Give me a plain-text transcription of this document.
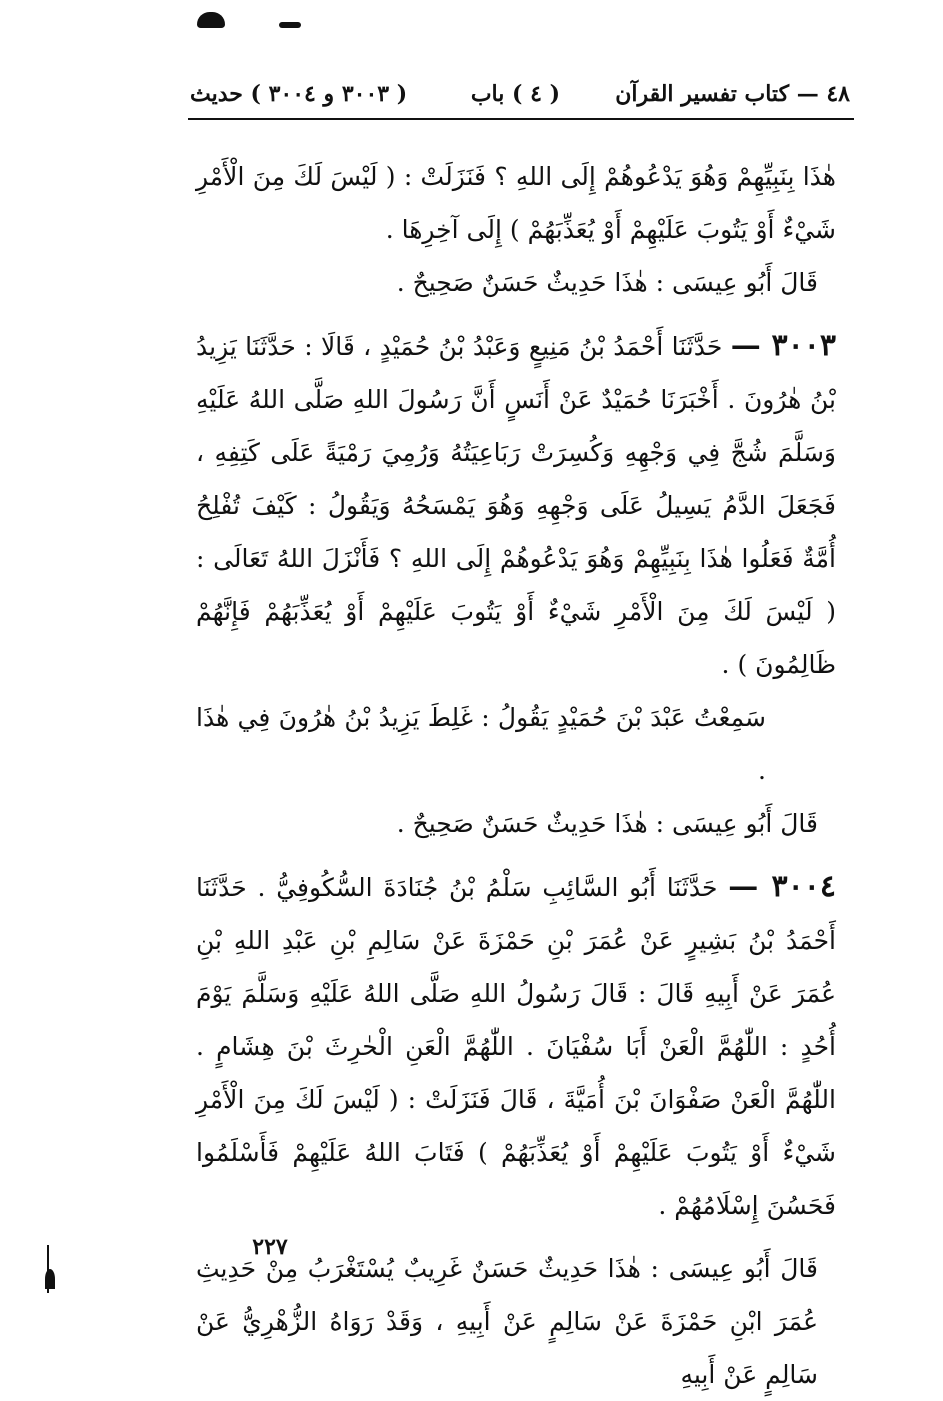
٤٨ — كتاب تفسير القرآن
( ٤ ) باب
( ٣٠٠٣ و ٣٠٠٤ ) حديث

هٰذَا بِنَبِيِّهِمْ وَهُوَ يَدْعُوهُمْ إِلَى اللهِ ؟ فَنَزَلَتْ : ( لَيْسَ لَكَ مِنَ الْأَمْرِ شَيْءٌ أَوْ يَتُوبَ عَلَيْهِمْ أَوْ يُعَذِّبَهُمْ ) إِلَى آخِرِهَا .

قَالَ أَبُو عِيسَى : هٰذَا حَدِيثٌ حَسَنٌ صَحِيحٌ .

٣٠٠٣ — حَدَّثَنَا أَحْمَدُ بْنُ مَنِيعٍ وَعَبْدُ بْنُ حُمَيْدٍ ، قَالَا : حَدَّثَنَا يَزِيدُ بْنُ هٰرُونَ . أَخْبَرَنَا حُمَيْدٌ عَنْ أَنَسٍ أَنَّ رَسُولَ اللهِ صَلَّى اللهُ عَلَيْهِ وَسَلَّمَ شُجَّ فِي وَجْهِهِ وَكُسِرَتْ رَبَاعِيَتُهُ وَرُمِيَ رَمْيَةً عَلَى كَتِفِهِ ، فَجَعَلَ الدَّمُ يَسِيلُ عَلَى وَجْهِهِ وَهُوَ يَمْسَحُهُ وَيَقُولُ : كَيْفَ تُفْلِحُ أُمَّةٌ فَعَلُوا هٰذَا بِنَبِيِّهِمْ وَهُوَ يَدْعُوهُمْ إِلَى اللهِ ؟ فَأَنْزَلَ اللهُ تَعَالَى : ( لَيْسَ لَكَ مِنَ الْأَمْرِ شَيْءٌ أَوْ يَتُوبَ عَلَيْهِمْ أَوْ يُعَذِّبَهُمْ فَإِنَّهُمْ ظَالِمُونَ ) .

سَمِعْتُ عَبْدَ بْنَ حُمَيْدٍ يَقُولُ : غَلِطَ يَزِيدُ بْنُ هٰرُونَ فِي هٰذَا .

قَالَ أَبُو عِيسَى : هٰذَا حَدِيثٌ حَسَنٌ صَحِيحٌ .

٣٠٠٤ — حَدَّثَنَا أَبُو السَّائِبِ سَلْمُ بْنُ جُنَادَةَ السُّكُوفِيُّ . حَدَّثَنَا أَحْمَدُ بْنُ بَشِيرٍ عَنْ عُمَرَ بْنِ حَمْزَةَ عَنْ سَالِمِ بْنِ عَبْدِ اللهِ بْنِ عُمَرَ عَنْ أَبِيهِ قَالَ : قَالَ رَسُولُ اللهِ صَلَّى اللهُ عَلَيْهِ وَسَلَّمَ يَوْمَ أُحُدٍ : اللّٰهُمَّ الْعَنْ أَبَا سُفْيَانَ . اللّٰهُمَّ الْعَنِ الْحٰرِثَ بْنَ هِشَامٍ . اللّٰهُمَّ الْعَنْ صَفْوَانَ بْنَ أُمَيَّةَ ، قَالَ فَنَزَلَتْ : ( لَيْسَ لَكَ مِنَ الْأَمْرِ شَيْءٌ أَوْ يَتُوبَ عَلَيْهِمْ أَوْ يُعَذِّبَهُمْ ) فَتَابَ اللهُ عَلَيْهِمْ فَأَسْلَمُوا فَحَسُنَ إِسْلَامُهُمْ .

قَالَ أَبُو عِيسَى : هٰذَا حَدِيثٌ حَسَنٌ غَرِيبٌ يُسْتَغْرَبُ مِنْ حَدِيثِ عُمَرَ ابْنِ حَمْزَةَ عَنْ سَالِمٍ عَنْ أَبِيهِ ، وَقَدْ رَوَاهُ الزُّهْرِيُّ عَنْ سَالِمٍ عَنْ أَبِيهِ

٢٢٧
